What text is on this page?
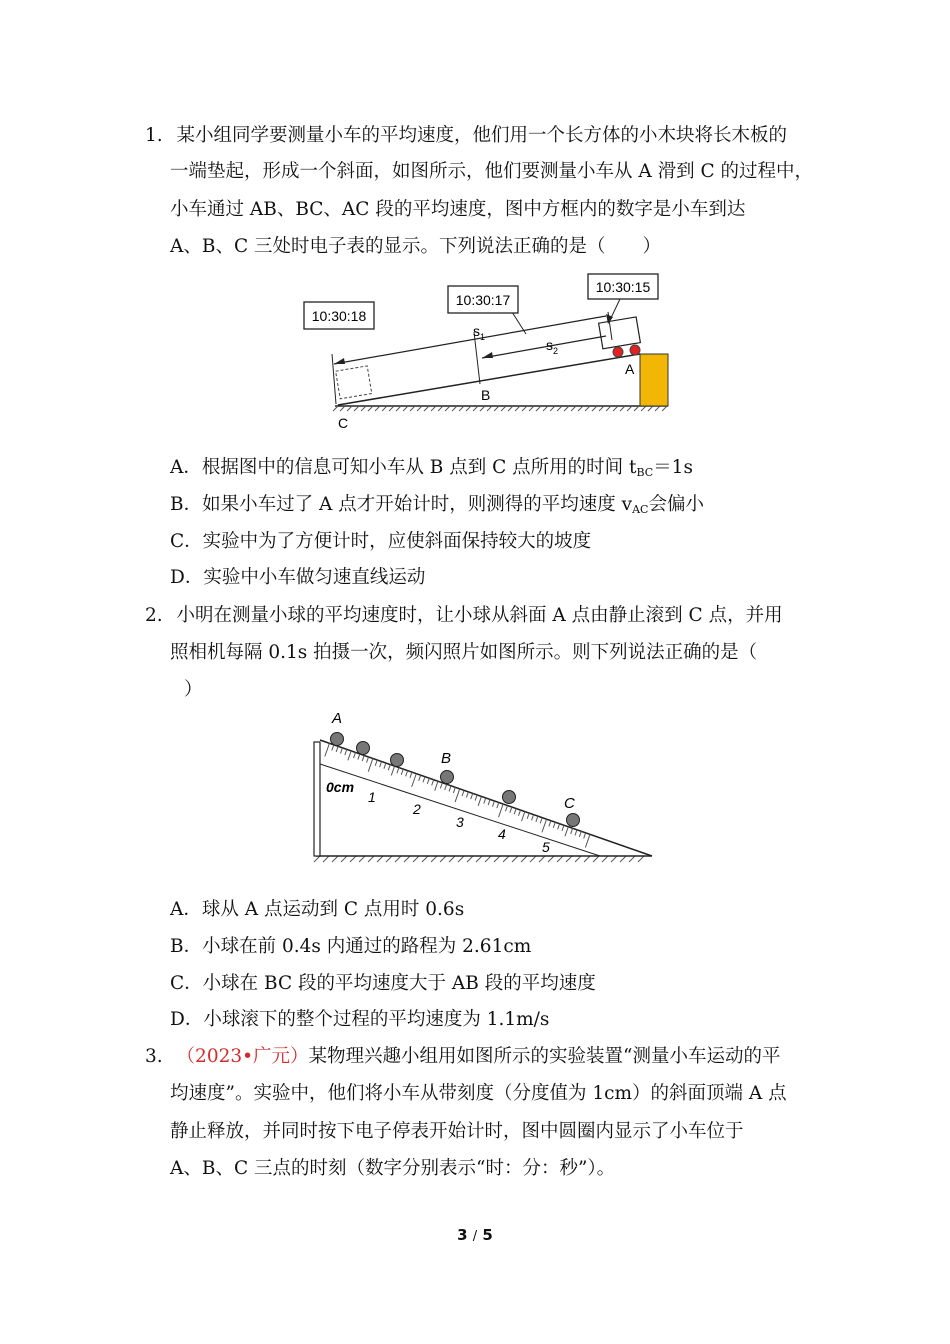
1. 某小组同学要测量小车的平均速度，他们用一个长方体的小木块将长木板的
一端垫起，形成一个斜面，如图所示，他们要测量小车从 A 滑到 C 的过程中，
小车通过 AB、BC、AC 段的平均速度，图中方框内的数字是小车到达
A、B、C 三处时电子表的显示。下列说法正确的是（　　）
10:30:18
10:30:17
10:30:15
$s_1$	$s_2$
A
B
C
A．根据图中的信息可知小车从 B 点到 C 点所用的时间 $t_{BC}=1s$
B．如果小车过了 A 点才开始计时，则测得的平均速度 $v_{AC}$会偏小
C．实验中为了方便计时，应使斜面保持较大的坡度
D．实验中小车做匀速直线运动
2. 小明在测量小球的平均速度时，让小球从斜面 A 点由静止滚到 C 点，并用
照相机每隔 0.1s 拍摄一次，频闪照片如图所示。则下列说法正确的是（
）
0cm
1
2
3
4
5
A
B
C
A．球从 A 点运动到 C 点用时 0.6s
B．小球在前 0.4s 内通过的路程为 2.61cm
C．小球在 BC 段的平均速度大于 AB 段的平均速度
D．小球滚下的整个过程的平均速度为 1.1m/s
3. （2023•广元）某物理兴趣小组用如图所示的实验装置“测量小车运动的平
均速度”。实验中，他们将小车从带刻度（分度值为 1cm）的斜面顶端 A 点
静止释放，并同时按下电子停表开始计时，图中圆圈内显示了小车位于
A、B、C 三点的时刻（数字分别表示“时：分：秒”）。
3 / 5
